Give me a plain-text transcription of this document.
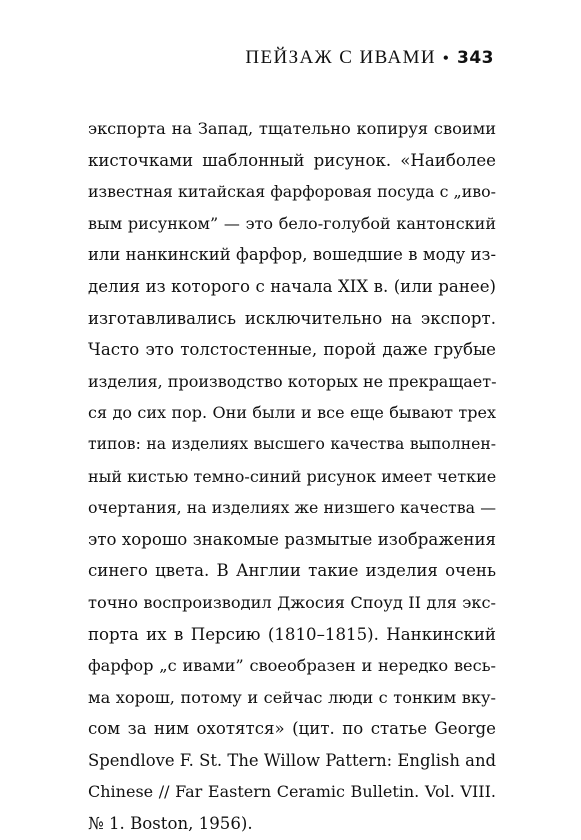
ПЕЙЗАЖ С ИВАМИ • 343
экспорта на Запад, тщательно копируя своими
кисточками шаблонный рисунок. «Наиболее
известная китайская фарфоровая посуда с „иво-
вым рисунком” — это бело-голубой кантонский
или нанкинский фарфор, вошедшие в моду из-
делия из которого с начала XIX в. (или ранее)
изготавливались исключительно на экспорт.
Часто это толстостенные, порой даже грубые
изделия, производство которых не прекращает-
ся до сих пор. Они были и все еще бывают трех
типов: на изделиях высшего качества выполнен-
ный кистью темно-синий рисунок имеет четкие
очертания, на изделиях же низшего качества —
это хорошо знакомые размытые изображения
синего цвета. В Англии такие изделия очень
точно воспроизводил Джосия Споуд II для экс-
порта их в Персию (1810–1815). Нанкинский
фарфор „с ивами” своеобразен и нередко весь-
ма хорош, потому и сейчас люди с тонким вку-
сом за ним охотятся» (цит. по статье George
Spendlove F. St. The Willow Pattern: English and
Chinese // Far Eastern Ceramic Bulletin. Vol. VIII.
№ 1. Boston, 1956).
